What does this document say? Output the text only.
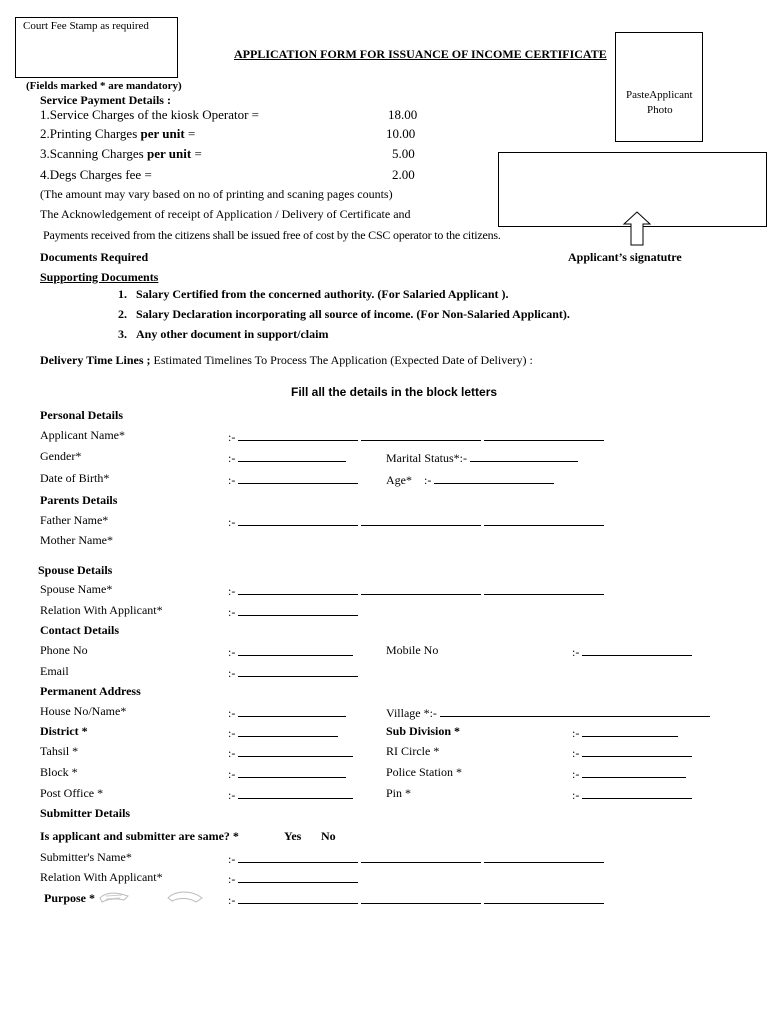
Court Fee Stamp as required
APPLICATION FORM FOR ISSUANCE OF INCOME CERTIFICATE
PasteApplicant
Photo
(Fields marked * are mandatory)
Service Payment Details :
1.Service Charges of the kiosk Operator =	18.00
2.Printing Charges per unit =	10.00
3.Scanning Charges per unit =	5.00
4.Degs Charges fee =	2.00
(The amount may vary based on no of printing and scaning pages counts)
The Acknowledgement of receipt of Application / Delivery of Certificate and
Payments received from the citizens shall be issued free of cost by the CSC operator to the citizens.
Applicant’s signatutre
Documents Required
Supporting Documents
1. Salary Certified from the concerned authority. (For Salaried Applicant ).
2. Salary Declaration incorporating all source of income. (For Non-Salaried Applicant).
3. Any other document in support/claim
Delivery Time Lines ; Estimated Timelines To Process The Application (Expected Date of Delivery) :
Fill all the details in the block letters
Personal Details
Applicant Name*	:-
Gender*	:-	Marital Status*:-
Date of Birth*	:-	Age* :-
Parents Details
Father Name*	:-
Mother Name*
Spouse Details
Spouse Name*	:-
Relation With Applicant*	:-
Contact Details
Phone No	:-	Mobile No	:-
Email	:-
Permanent Address
House No/Name*	:-	Village *:-
District *	:-	Sub Division *	:-
Tahsil *	:-	RI Circle *	:-
Block *	:-	Police Station *	:-
Post Office *	:-	Pin *	:-
Submitter Details
Is applicant and submitter are same? *	Yes No
Submitter's Name*	:-
Relation With Applicant*	:-
Purpose *	:-
